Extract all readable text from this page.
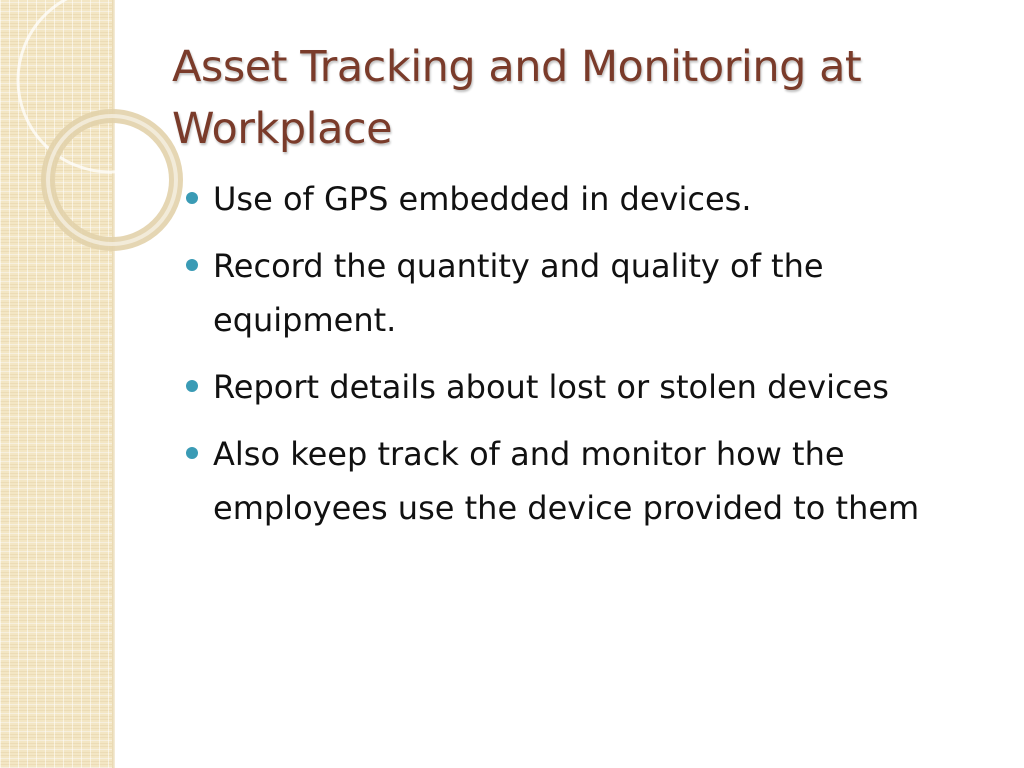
Asset Tracking and Monitoring at Workplace
Use of GPS embedded in devices.
Record the quantity and quality of the equipment.
Report details about lost or stolen devices
Also keep track of and monitor how the employees use the device provided to them
